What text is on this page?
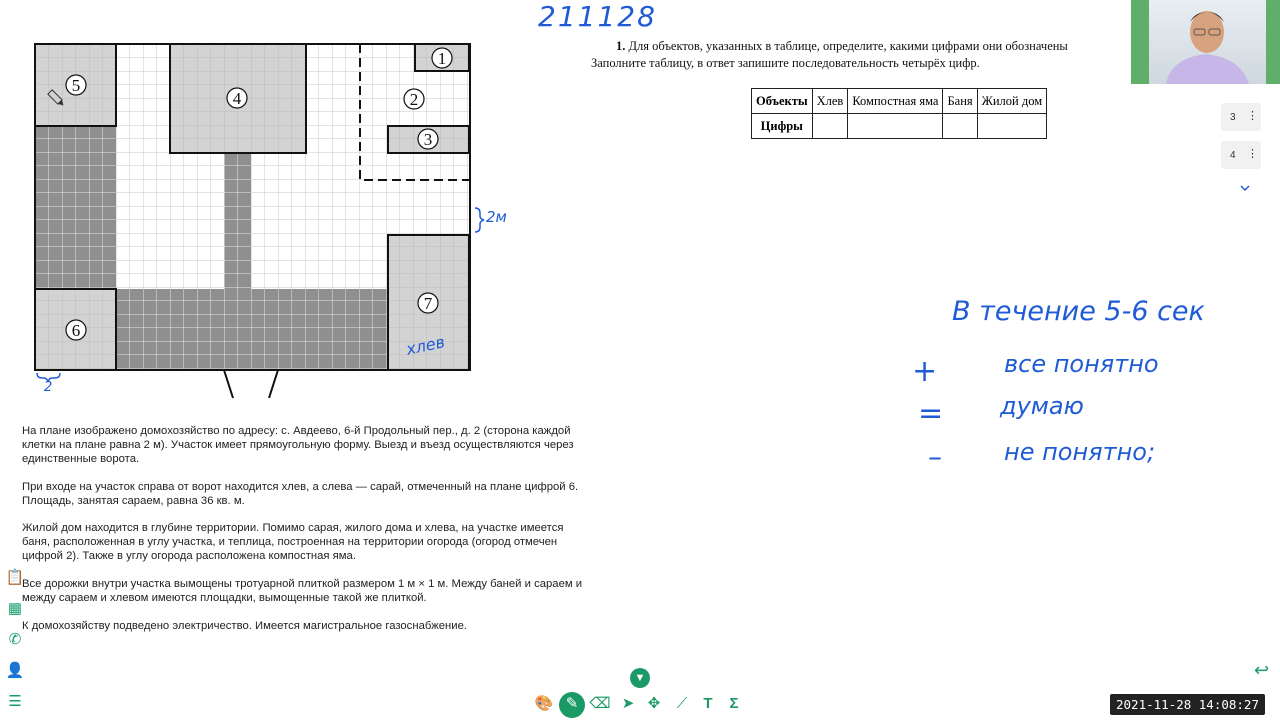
211128
1
2
3
4
5
6
7
2м
2
хлев
На плане изображено домохозяйство по адресу: с. Авдеево, 6-й Продольный пер., д. 2 (сторона каждой клетки на плане равна 2 м). Участок имеет прямоугольную форму. Выезд и въезд осуществляются через единственные ворота.
При входе на участок справа от ворот находится хлев, а слева — сарай, отмеченный на плане цифрой 6. Площадь, занятая сараем, равна 36 кв. м.
Жилой дом находится в глубине территории. Помимо сарая, жилого дома и хлева, на участке имеется баня, расположенная в углу участка, и теплица, построенная на территории огорода (огород отмечен цифрой 2). Также в углу огорода расположена компостная яма.
Все дорожки внутри участка вымощены тротуарной плиткой размером 1 м × 1 м. Между баней и сараем и между сараем и хлевом имеются площадки, вымощенные такой же плиткой.
К домохозяйству подведено электричество. Имеется магистральное газоснабжение.
1. Для объектов, указанных в таблице, определите, какими цифрами они обозначены
Заполните таблицу, в ответ запишите последовательность четырёх цифр.
Объекты	Хлев	Компостная яма	Баня	Жилой дом
Цифры				
3 ⋮
4 ⋮
В течение 5-6 сек
+	все понятно
= думаю
–	не понятно;
📋
▦
✆
👤
☰
▼
🎨 ✎ ⌫ ➤ ✥	⟋	T	Σ
↩
2021-11-28 14:08:27
